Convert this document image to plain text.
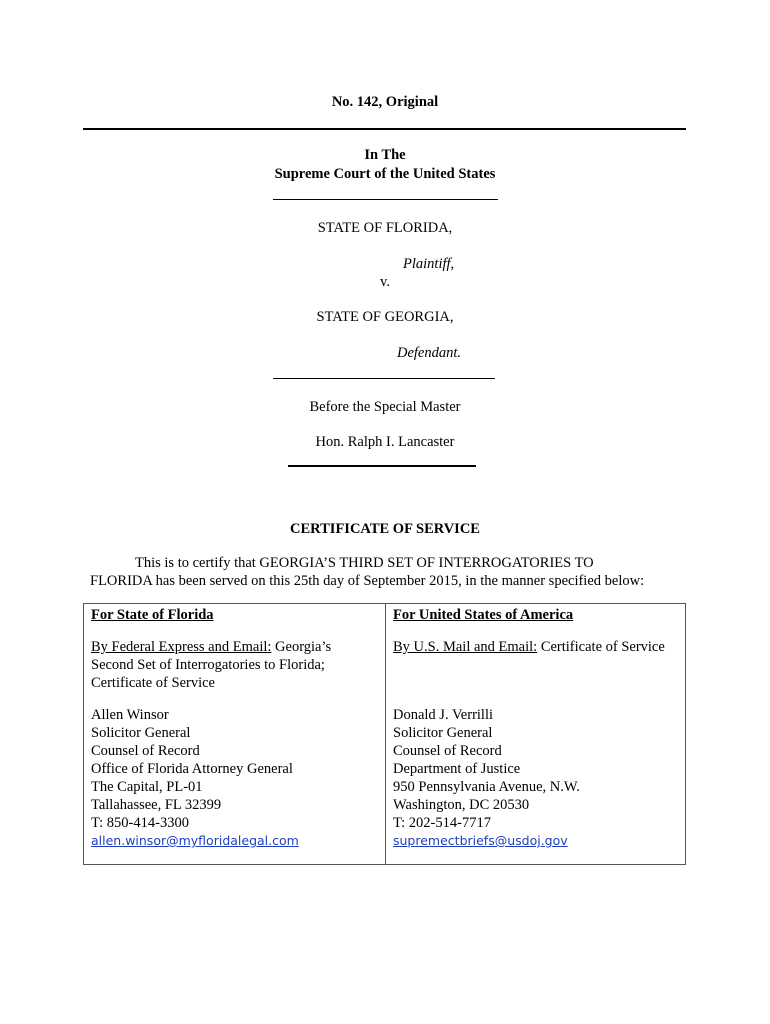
No. 142, Original
In The
Supreme Court of the United States
STATE OF FLORIDA,
Plaintiff,
v.
STATE OF GEORGIA,
Defendant.
Before the Special Master
Hon. Ralph I. Lancaster
CERTIFICATE OF SERVICE
This is to certify that GEORGIA’S THIRD SET OF INTERROGATORIES TO
FLORIDA has been served on this 25th day of September 2015, in the manner specified below:
For State of Florida
By Federal Express and Email: Georgia’s
Second Set of Interrogatories to Florida;
Certificate of Service
Allen Winsor
Solicitor General
Counsel of Record
Office of Florida Attorney General
The Capital, PL-01
Tallahassee, FL 32399
T: 850-414-3300
allen.winsor@myfloridalegal.com

For United States of America
By U.S. Mail and Email: Certificate of Service

Donald J. Verrilli
Solicitor General
Counsel of Record
Department of Justice
950 Pennsylvania Avenue, N.W.
Washington, DC 20530
T: 202-514-7717
supremectbriefs@usdoj.gov
